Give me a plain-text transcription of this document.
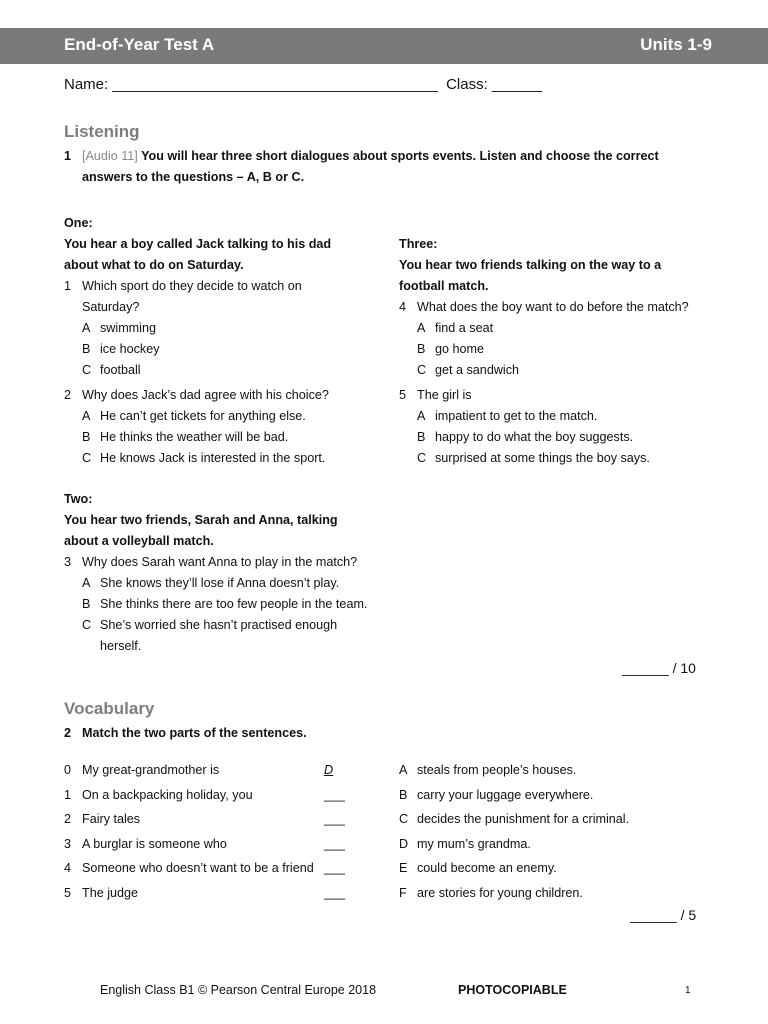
End-of-Year Test A	Units 1-9
Name: _______________________________________ Class: ______
Listening
1 [Audio 11] You will hear three short dialogues about sports events. Listen and choose the correct
answers to the questions – A, B or C.
One:
You hear a boy called Jack talking to his dad
about what to do on Saturday.
1 Which sport do they decide to watch on
Saturday?
A swimming
B ice hockey
C football
2 Why does Jack’s dad agree with his choice?
A He can’t get tickets for anything else.
B He thinks the weather will be bad.
C He knows Jack is interested in the sport.
Three:
You hear two friends talking on the way to a
football match.
4 What does the boy want to do before the match?
A find a seat
B go home
C get a sandwich
5 The girl is
A impatient to get to the match.
B happy to do what the boy suggests.
C surprised at some things the boy says.
Two:
You hear two friends, Sarah and Anna, talking
about a volleyball match.
3 Why does Sarah want Anna to play in the match?
A She knows they’ll lose if Anna doesn’t play.
B She thinks there are too few people in the team.
C She’s worried she hasn’t practised enough
herself.
______ / 10
Vocabulary
2 Match the two parts of the sentences.
0 My great-grandmother is	D
1 On a backpacking holiday, you	___
2 Fairy tales	___
3 A burglar is someone who	___
4 Someone who doesn’t want to be a friend ___
5 The judge	___
A steals from people’s houses.
B carry your luggage everywhere.
C decides the punishment for a criminal.
D my mum’s grandma.
E could become an enemy.
F are stories for young children.
______ / 5
English Class B1 © Pearson Central Europe 2018	PHOTOCOPIABLE	1
